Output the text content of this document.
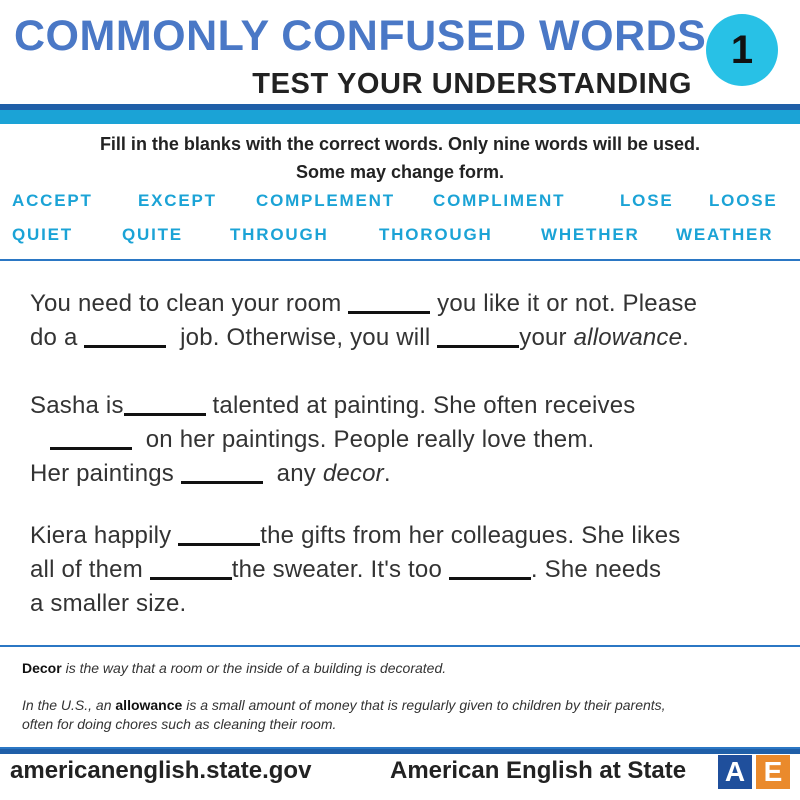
COMMONLY CONFUSED WORDS
TEST YOUR UNDERSTANDING
1
Fill in the blanks with the correct words. Only nine words will be used.
Some may change form.
ACCEPT	EXCEPT COMPLEMENT COMPLIMENT	LOSE LOOSE
QUIET	QUITE	THROUGH	THOROUGH	WHETHER WEATHER
You need to clean your room	you like it or not. Please
do a	job. Otherwise, you will	your allowance.
Sasha is	talented at painting. She often receives
on her paintings. People really love them.
Her paintings	any decor.
Kiera happily	the gifts from her colleagues. She likes
all of them	the sweater. It's too	. She needs
a smaller size.
Decor is the way that a room or the inside of a building is decorated.
In the U.S., an allowance is a small amount of money that is regularly given to children by their parents,
often for doing chores such as cleaning their room.
americanenglish.state.gov	American English at State A E
